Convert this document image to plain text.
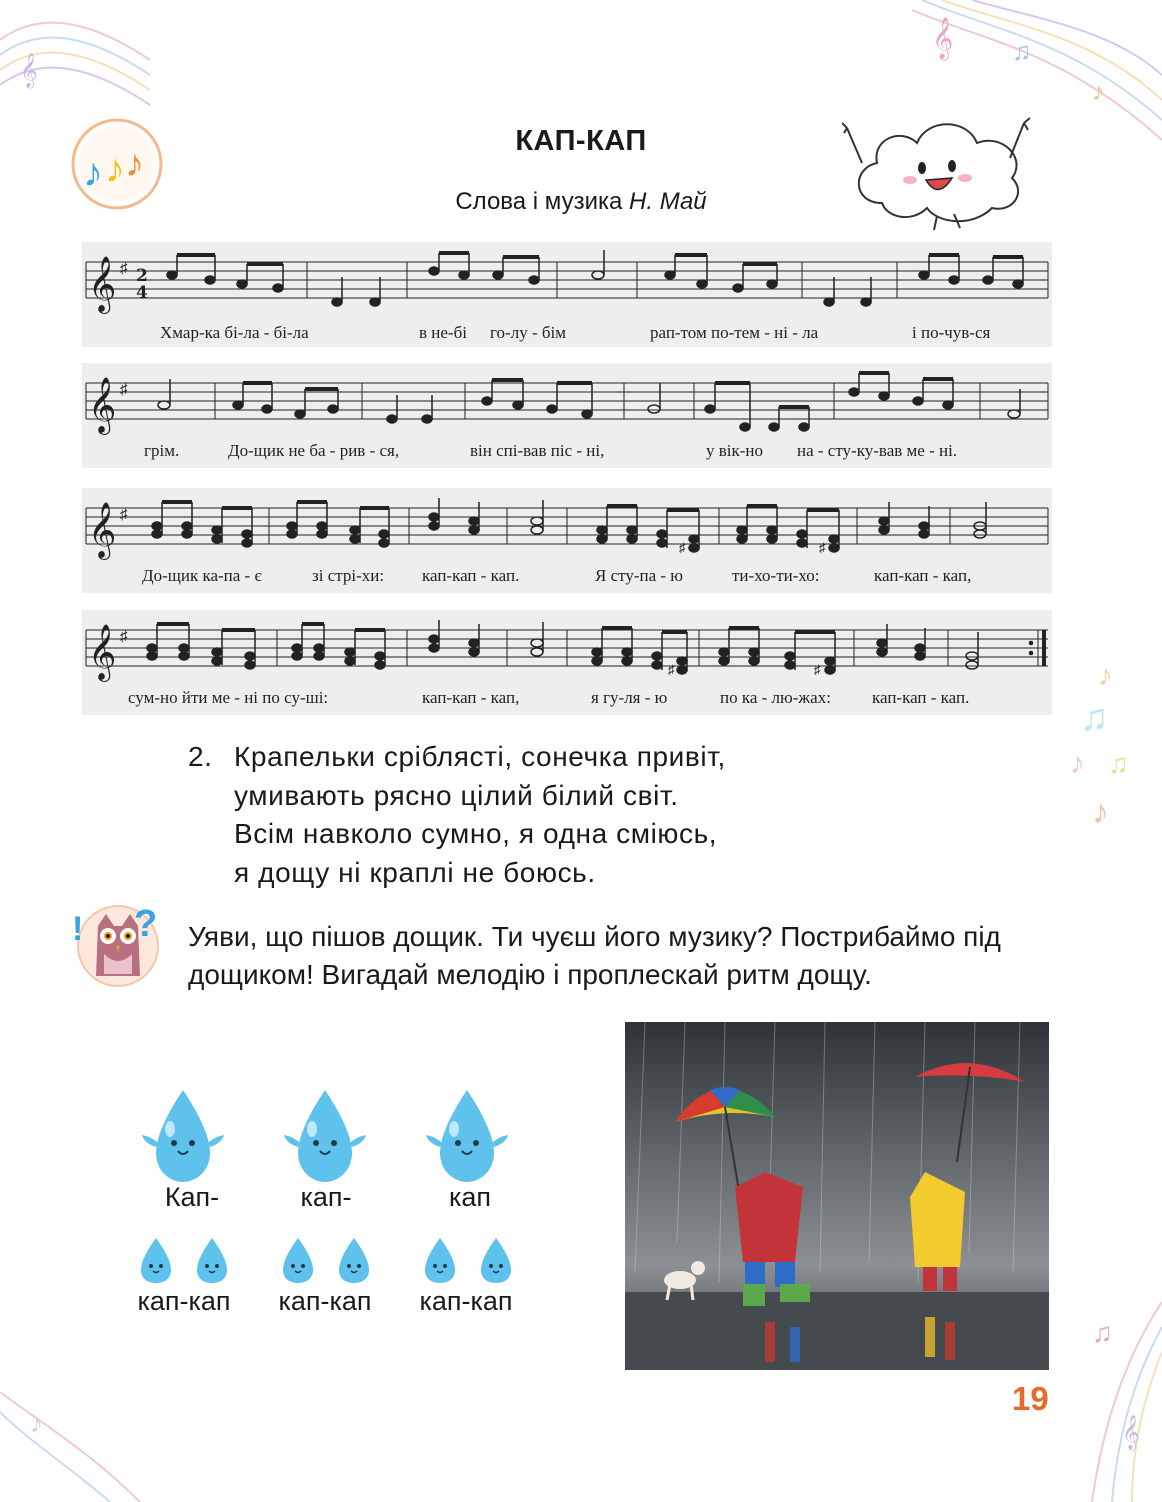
𝄞
𝄞 ♫
♪
♪
♫
♪ ♫
♪
♪
♫
𝄞
♪ ♪ ♪
КАП-КАП
Слова і музика Н. Май
𝄞 ♯ 2
4
Хмар-ка бі-ла - бі-ла	в не-бі го-лу - бім	рап-том по-тем - ні - ла	і по-чув-ся
𝄞 ♯
грім.	До-щик не ба - рив - ся,	він спі-вав піс - ні,	у вік-но на - сту-ку-вав ме - ні.
𝄞 ♯
♯	♯
До-щик ка-па - є	зі стрі-хи: кап-кап - кап.	Я сту-па - ю	ти-хо-ти-хо:	кап-кап - кап,
𝄞 ♯
♯	♯
сум-но йти ме - ні по су-ші:	кап-кап - кап,	я гу-ля - ю	по ка - лю-жах: кап-кап - кап.
2. Крапельки сріблясті, сонечка привіт,
умивають рясно цілий білий світ.
Всім навколо сумно, я одна сміюсь,
я дощу ні краплі не боюсь.
! ? Уяви, що пішов дощик. Ти чуєш його музику? Пострибаймо під дощиком! Вигадай мелодію і проплескай ритм дощу.
Кап-	кап-	кап
кап-кап	кап-кап	кап-кап
19
